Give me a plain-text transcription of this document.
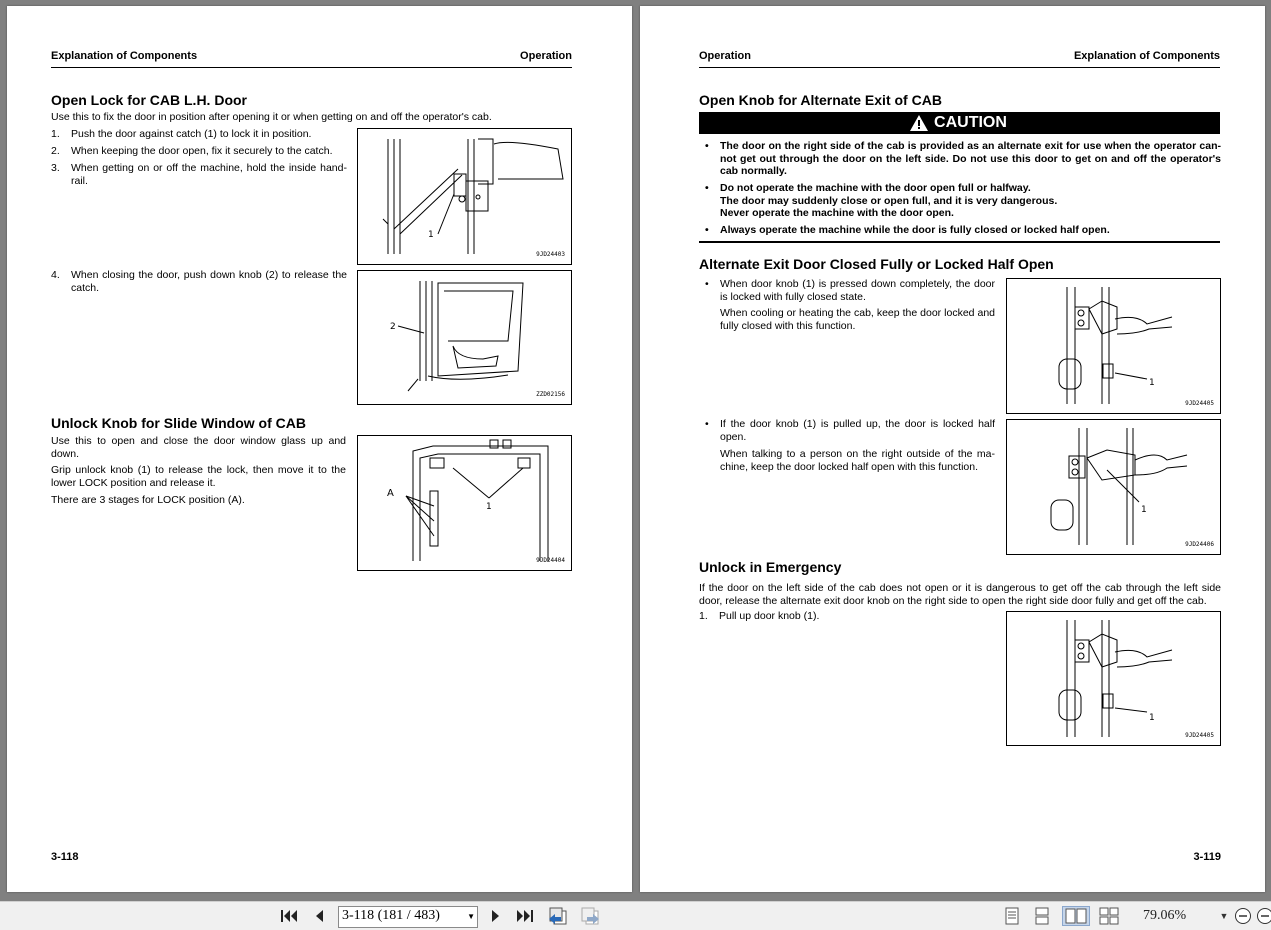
Explanation of Components	Operation
Open Lock for CAB L.H. Door
Use this to fix the door in position after opening it or when getting on and off the operator's cab.
1. Push the door against catch (1) to lock it in position.
2. When keeping the door open, fix it securely to the catch.
3. When getting on or off the machine, hold the inside hand-rail.
1
9JD24403
4. When closing the door, push down knob (2) to release the catch.
2
ZZD02156
Unlock Knob for Slide Window of CAB
Use this to open and close the door window glass up and down.
Grip unlock knob (1) to release the lock, then move it to the lower LOCK position and release it.
There are 3 stages for LOCK position (A).
A
1
9JD24404
3-118
Operation	Explanation of Components
Open Knob for Alternate Exit of CAB
CAUTION
• The door on the right side of the cab is provided as an alternate exit for use when the operator can-not get out through the door on the left side. Do not use this door to get on and off the operator's cab normally.
• Do not operate the machine with the door open full or halfway.
The door may suddenly close or open full, and it is very dangerous.
Never operate the machine with the door open.
• Always operate the machine while the door is fully closed or locked half open.
Alternate Exit Door Closed Fully or Locked Half Open
• When door knob (1) is pressed down completely, the door is locked with fully closed state.
When cooling or heating the cab, keep the door locked and fully closed with this function.
1
9JD24405
• If the door knob (1) is pulled up, the door is locked half open.
When talking to a person on the right outside of the ma-chine, keep the door locked half open with this function.
1
9JD24406
Unlock in Emergency
If the door on the left side of the cab does not open or it is dangerous to get off the cab through the left side door, release the alternate exit door knob on the right side to open the right side door fully and get off the cab.
1. Pull up door knob (1).
1
9JD24405
3-119
3-118 (181 / 483)
▼	79.06%	▼
